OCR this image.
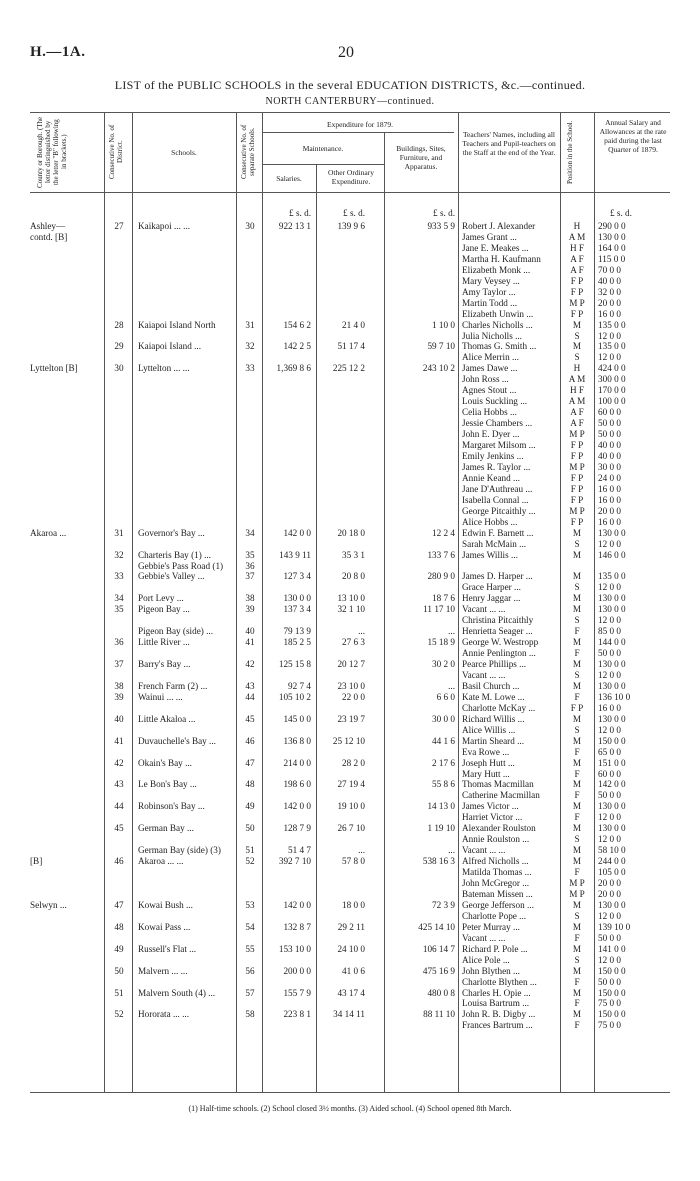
H.—1A.	20
LIST of the PUBLIC SCHOOLS in the several EDUCATION DISTRICTS, &c.—continued.
NORTH CANTERBURY—continued.
County or Borough. (The letter distinguished by the letter "B" following in brackets.)	Consecutive No. of District.	Schools.	Consecutive No. of separate Schools.
Expenditure for 1879.
Maintenance.
Salaries.
Other Ordinary Expenditure.
Buildings, Sites, Furniture, and Apparatus.
Teachers' Names, including all Teachers and Pupil-teachers on the Staff at the end of the Year.	Position in the School.	Annual Salary and Allowances at the rate paid during the last Quarter of 1879.
£ s. d.	£ s. d.	£ s. d.	£ s. d.
Ashley—	27	Kaikapoi ... ...	30	922 13 1	139 9 6	933 5 9 Robert J. Alexander	H	290 0 0
contd. [B]	James Grant ...	A M	130 0 0
Jane E. Meakes ...	H F	164 0 0
Martha H. Kaufmann	A F	115 0 0
Elizabeth Monk ...	A F	70 0 0
Mary Veysey ...	F P	40 0 0
Amy Taylor ...	F P	32 0 0
Martin Todd ...	M P	20 0 0
Elizabeth Unwin ...	F P	16 0 0
28	Kaiapoi Island North	31	154 6 2	21 4 0	1 10 0 Charles Nicholls ...	M	135 0 0
Julia Nicholls ...	S	12 0 0
29	Kaiapoi Island ...	32	142 2 5	51 17 4	59 7 10 Thomas G. Smith ...	M	135 0 0
Alice Merrin ...	S	12 0 0
Lyttelton [B]	30	Lyttelton ... ...	33	1,369 8 6	225 12 2	243 10 2 James Dawe ...	H	424 0 0
John Ross ...	A M	300 0 0
Agnes Stout ...	H F	170 0 0
Louis Suckling ...	A M	100 0 0
Celia Hobbs ...	A F	60 0 0
Jessie Chambers ...	A F	50 0 0
John E. Dyer ...	M P	50 0 0
Margaret Milsom ...	F P	40 0 0
Emily Jenkins ...	F P	40 0 0
James R. Taylor ...	M P	30 0 0
Annie Keand ...	F P	24 0 0
Jane D'Authreau ...	F P	16 0 0
Isabella Connal ...	F P	16 0 0
George Pitcaithly ...	M P	20 0 0
Alice Hobbs ...	F P	16 0 0
Akaroa ...	31	Governor's Bay ...	34	142 0 0	20 18 0	12 2 4 Edwin F. Barnett ...	M	130 0 0
Sarah McMain ...	S	12 0 0
32	Charteris Bay (1) ...	35	143 9 11	35 3 1	133 7 6 James Willis ...	M	146 0 0
Gebbie's Pass Road (1)	36
33	Gebbie's Valley ...	37	127 3 4	20 8 0	280 9 0 James D. Harper ...	M	135 0 0
Grace Harper ...	S	12 0 0
34	Port Levy ...	38	130 0 0	13 10 0	18 7 6 Henry Jaggar ...	M	130 0 0
35	Pigeon Bay ...	39	137 3 4	32 1 10	11 17 10 Vacant ... ...	M	130 0 0
Christina Pitcaithly	S	12 0 0
Pigeon Bay (side) ...	40	79 13 9	...	... Henrietta Seager ...	F	85 0 0
36	Little River ...	41	185 2 5	27 6 3	15 18 9 George W. Westropp	M	144 0 0
Annie Penlington ...	F	50 0 0
37	Barry's Bay ...	42	125 15 8	20 12 7	30 2 0 Pearce Phillips ...	M	130 0 0
Vacant ... ...	S	12 0 0
38	French Farm (2) ...	43	92 7 4	23 10 0	... Basil Church ...	M	130 0 0
39	Wainui ... ...	44	105 10 2	22 0 0	6 6 0 Kate M. Lowe ...	F	136 10 0
Charlotte McKay ...	F P	16 0 0
40	Little Akaloa ...	45	145 0 0	23 19 7	30 0 0 Richard Willis ...	M	130 0 0
Alice Willis ...	S	12 0 0
41	Duvauchelle's Bay ...	46	136 8 0	25 12 10	44 1 6 Martin Sheard ...	M	150 0 0
Eva Rowe ...	F	65 0 0
42	Okain's Bay ...	47	214 0 0	28 2 0	2 17 6 Joseph Hutt ...	M	151 0 0
Mary Hutt ...	F	60 0 0
43	Le Bon's Bay ...	48	198 6 0	27 19 4	55 8 6 Thomas Macmillan	M	142 0 0
Catherine Macmillan	F	50 0 0
44	Robinson's Bay ...	49	142 0 0	19 10 0	14 13 0 James Victor ...	M	130 0 0
Harriet Victor ...	F	12 0 0
45	German Bay ...	50	128 7 9	26 7 10	1 19 10 Alexander Roulston	M	130 0 0
Annie Roulston ...	S	12 0 0
German Bay (side) (3)	51	51 4 7	...	... Vacant ... ...	M	58 10 0
[B]	46	Akaroa ... ...	52	392 7 10	57 8 0	538 16 3 Alfred Nicholls ...	M	244 0 0
Matilda Thomas ...	F	105 0 0
John McGregor ...	M P	20 0 0
Bateman Missen ...	M P	20 0 0
Selwyn ...	47	Kowai Bush ...	53	142 0 0	18 0 0	72 3 9 George Jefferson ...	M	130 0 0
Charlotte Pope ...	S	12 0 0
48	Kowai Pass ...	54	132 8 7	29 2 11	425 14 10 Peter Murray ...	M	139 10 0
Vacant ... ...	F	50 0 0
49	Russell's Flat ...	55	153 10 0	24 10 0	106 14 7 Richard P. Pole ...	M	141 0 0
Alice Pole ...	S	12 0 0
50	Malvern ... ...	56	200 0 0	41 0 6	475 16 9 John Blythen ...	M	150 0 0
Charlotte Blythen ...	F	50 0 0
51	Malvern South (4) ...	57	155 7 9	43 17 4	480 0 8 Charles H. Opie ...	M	150 0 0
Louisa Bartrum ...	F	75 0 0
52	Hororata ... ...	58	223 8 1	34 14 11	88 11 10 John R. B. Digby ...	M	150 0 0
Frances Bartrum ...	F	75 0 0
(1) Half-time schools. (2) School closed 3½ months. (3) Aided school. (4) School opened 8th March.
